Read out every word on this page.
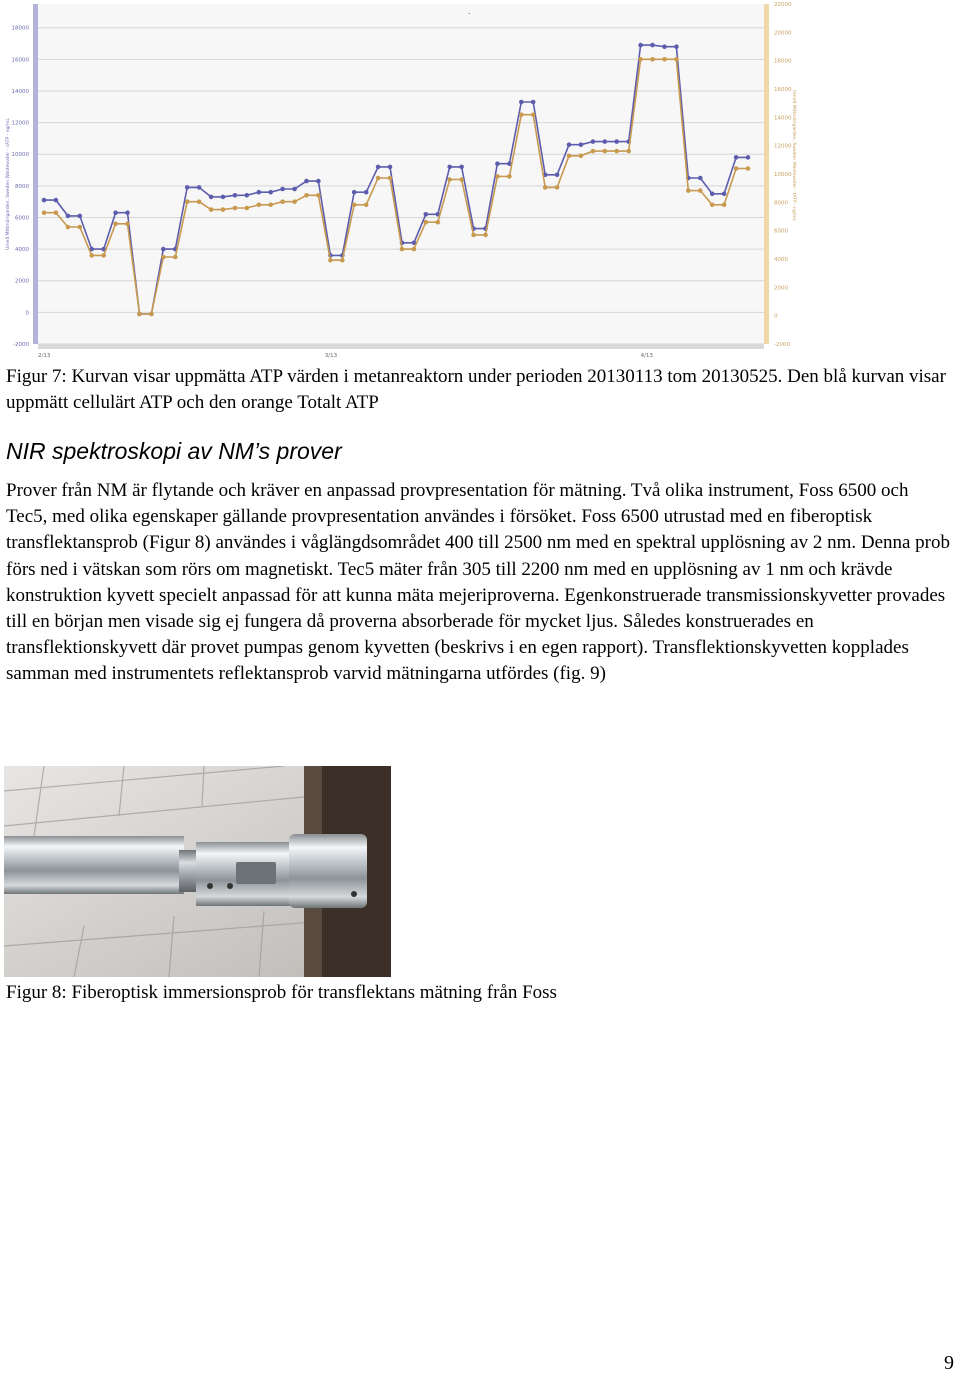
.
18000
16000
14000
12000
10000
8000
6000
4000
2000
0
-2000
22000
20000
18000
16000
14000
12000
10000
8000
6000
4000
2000
0
-2000
Umeå Mittmörlgarden, Sweden Wastewater - cATP - ng/mL	Umeå Mittmörlgarden, Sweden Wastewater - tATP - ng/mL
2/13	3/13	4/13

Figur 7: Kurvan visar uppmätta ATP värden i metanreaktorn under perioden 20130113 tom 20130525. Den blå kurvan visar uppmätt cellulärt ATP och den orange Totalt ATP

NIR spektroskopi av NM’s prover

Prover från NM är flytande och kräver en anpassad provpresentation för mätning. Två olika instrument, Foss 6500 och Tec5, med olika egenskaper gällande provpresentation användes i försöket. Foss 6500 utrustad med en fiberoptisk transflektansprob (Figur 8) användes i våglängdsområdet 400 till 2500 nm med en spektral upplösning av 2 nm. Denna prob förs ned i vätskan som rörs om magnetiskt. Tec5 mäter från 305 till 2200 nm med en upplösning av 1 nm och krävde konstruktion kyvett specielt anpassad för att kunna mäta mejeriproverna. Egenkonstruerade transmissionskyvetter provades till en början men visade sig ej fungera då proverna absorberade för mycket ljus. Således konstruerades en transflektionskyvett där provet pumpas genom kyvetten (beskrivs i en egen rapport). Transflektionskyvetten kopplades samman med instrumentets reflektansprob varvid mätningarna utfördes (fig. 9)

Figur 8: Fiberoptisk immersionsprob för transflektans mätning från Foss

9
